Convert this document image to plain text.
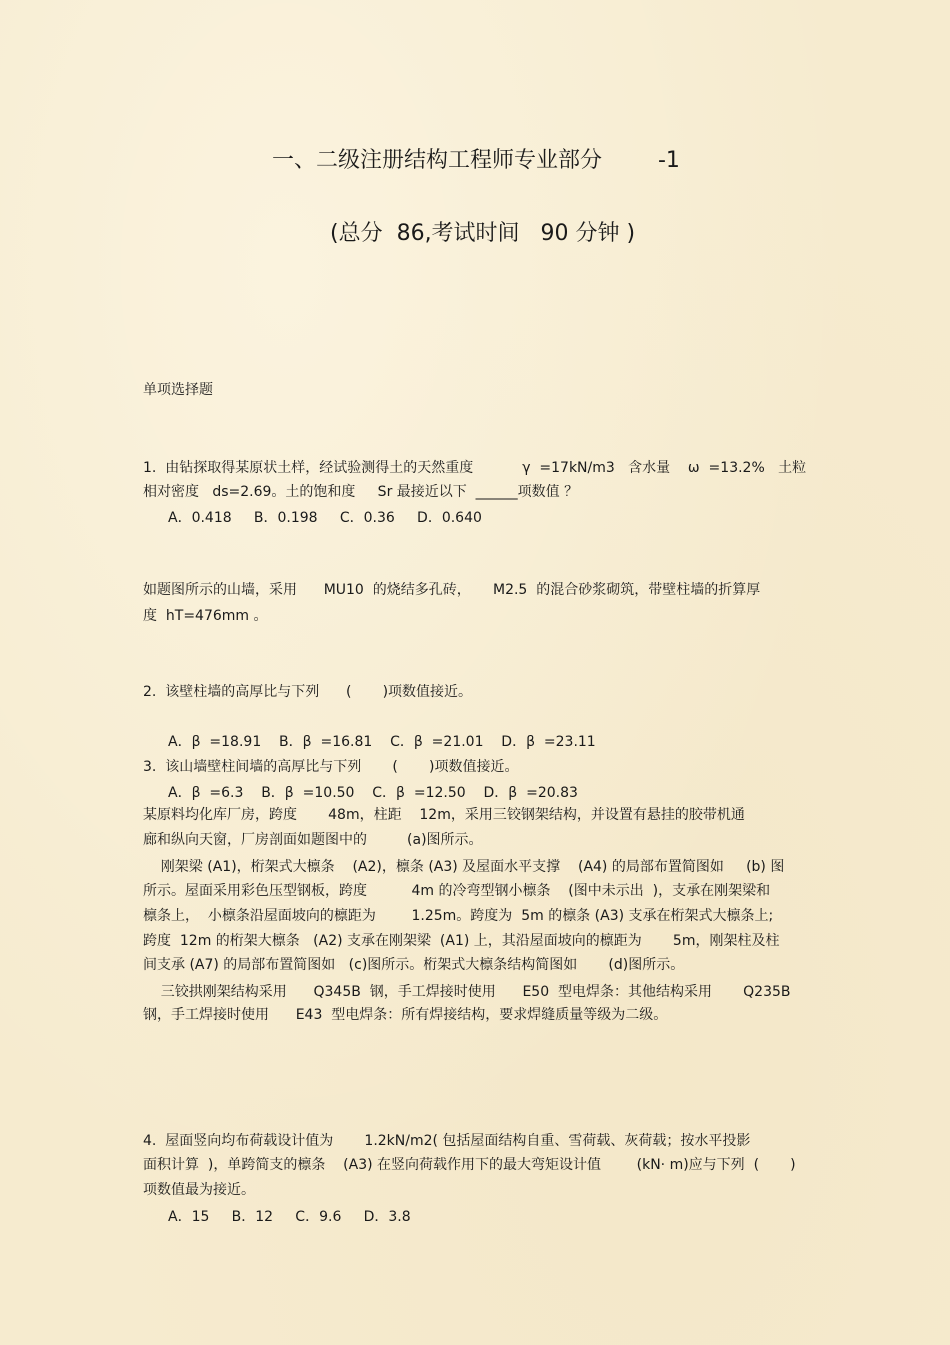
一、二级注册结构工程师专业部分        -1
(总分  86,考试时间   90 分钟 )
单项选择题
1.  由钻探取得某原状土样，经试验测得土的天然重度           γ  =17kN/m3   含水量    ω  =13.2%   土粒
相对密度   ds=2.69。土的饱和度     Sr 最接近以下  ______项数值 ？
A．0.418     B．0.198     C．0.36     D．0.640
如题图所示的山墙，采用      MU10  的烧结多孔砖，     M2.5  的混合砂浆砌筑，带壁柱墙的折算厚
度  hT=476mm 。
2.  该壁柱墙的高厚比与下列      (       )项数值接近。
A．β  =18.91    B．β  =16.81    C．β  =21.01    D．β  =23.11
3.  该山墙壁柱间墙的高厚比与下列       (       )项数值接近。
A．β  =6.3    B．β  =10.50    C．β  =12.50    D．β  =20.83
某原料均化库厂房，跨度       48m，柱距    12m，采用三铰钢架结构，并设置有悬挂的胶带机通
廊和纵向天窗，厂房剖面如题图中的         (a)图所示。
刚架梁 (A1)，桁架式大檩条    (A2)，檩条 (A3) 及屋面水平支撑    (A4) 的局部布置简图如     (b) 图
所示。屋面采用彩色压型钢板，跨度          4m 的冷弯型钢小檩条    (图中未示出  )，支承在刚架梁和
檩条上，  小檩条沿屋面坡向的檩距为        1.25m。跨度为  5m 的檩条 (A3) 支承在桁架式大檩条上;
跨度  12m 的桁架大檩条   (A2) 支承在刚架梁  (A1) 上，其沿屋面坡向的檩距为       5m，刚架柱及柱
间支承 (A7) 的局部布置简图如   (c)图所示。桁架式大檩条结构简图如       (d)图所示。
三铰拱刚架结构采用      Q345B  钢，手工焊接时使用      E50  型电焊条：其他结构采用       Q235B
钢，手工焊接时使用      E43  型电焊条：所有焊接结构，要求焊缝质量等级为二级。
4.  屋面竖向均布荷载设计值为       1.2kN/m2( 包括屋面结构自重、雪荷载、灰荷载；按水平投影
面积计算  )，单跨简支的檩条    (A3) 在竖向荷载作用下的最大弯矩设计值        (kN· m)应与下列  (       )
项数值最为接近。
A．15     B．12     C．9.6     D．3.8
